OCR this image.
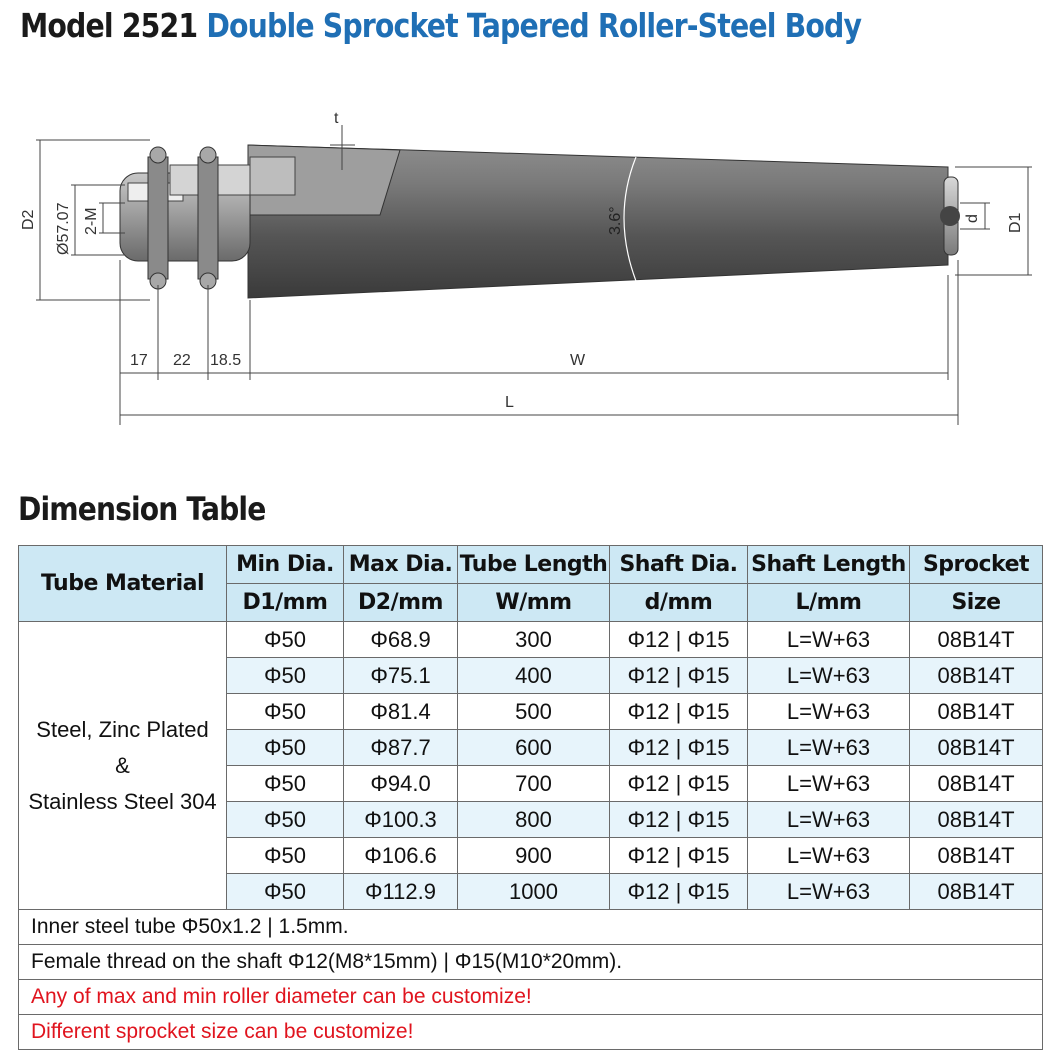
Model 2521 Double Sprocket Tapered Roller-Steel Body
t
D2 Ø57.07 2-M	3.6°	d D1
W
L
17 22 18.5
Dimension Table
Tube Material	Min Dia.	Max Dia.	Tube Length	Shaft Dia.	Shaft Length	Sprocket
	D1/mm	D2/mm	W/mm	d/mm	L/mm	Size

Steel, Zinc Plated
&
Stainless Steel 304	Φ50	Φ68.9	300	Φ12 | Φ15	L=W+63	08B14T
	Φ50	Φ75.1	400	Φ12 | Φ15	L=W+63	08B14T
	Φ50	Φ81.4	500	Φ12 | Φ15	L=W+63	08B14T
	Φ50	Φ87.7	600	Φ12 | Φ15	L=W+63	08B14T
	Φ50	Φ94.0	700	Φ12 | Φ15	L=W+63	08B14T
	Φ50	Φ100.3	800	Φ12 | Φ15	L=W+63	08B14T
	Φ50	Φ106.6	900	Φ12 | Φ15	L=W+63	08B14T
	Φ50	Φ112.9	1000	Φ12 | Φ15	L=W+63	08B14T
Inner steel tube Φ50x1.2 | 1.5mm.						
Female thread on the shaft Φ12(M8*15mm) | Φ15(M10*20mm).						
Any of max and min roller diameter can be customize!						
Different sprocket size can be customize!						
